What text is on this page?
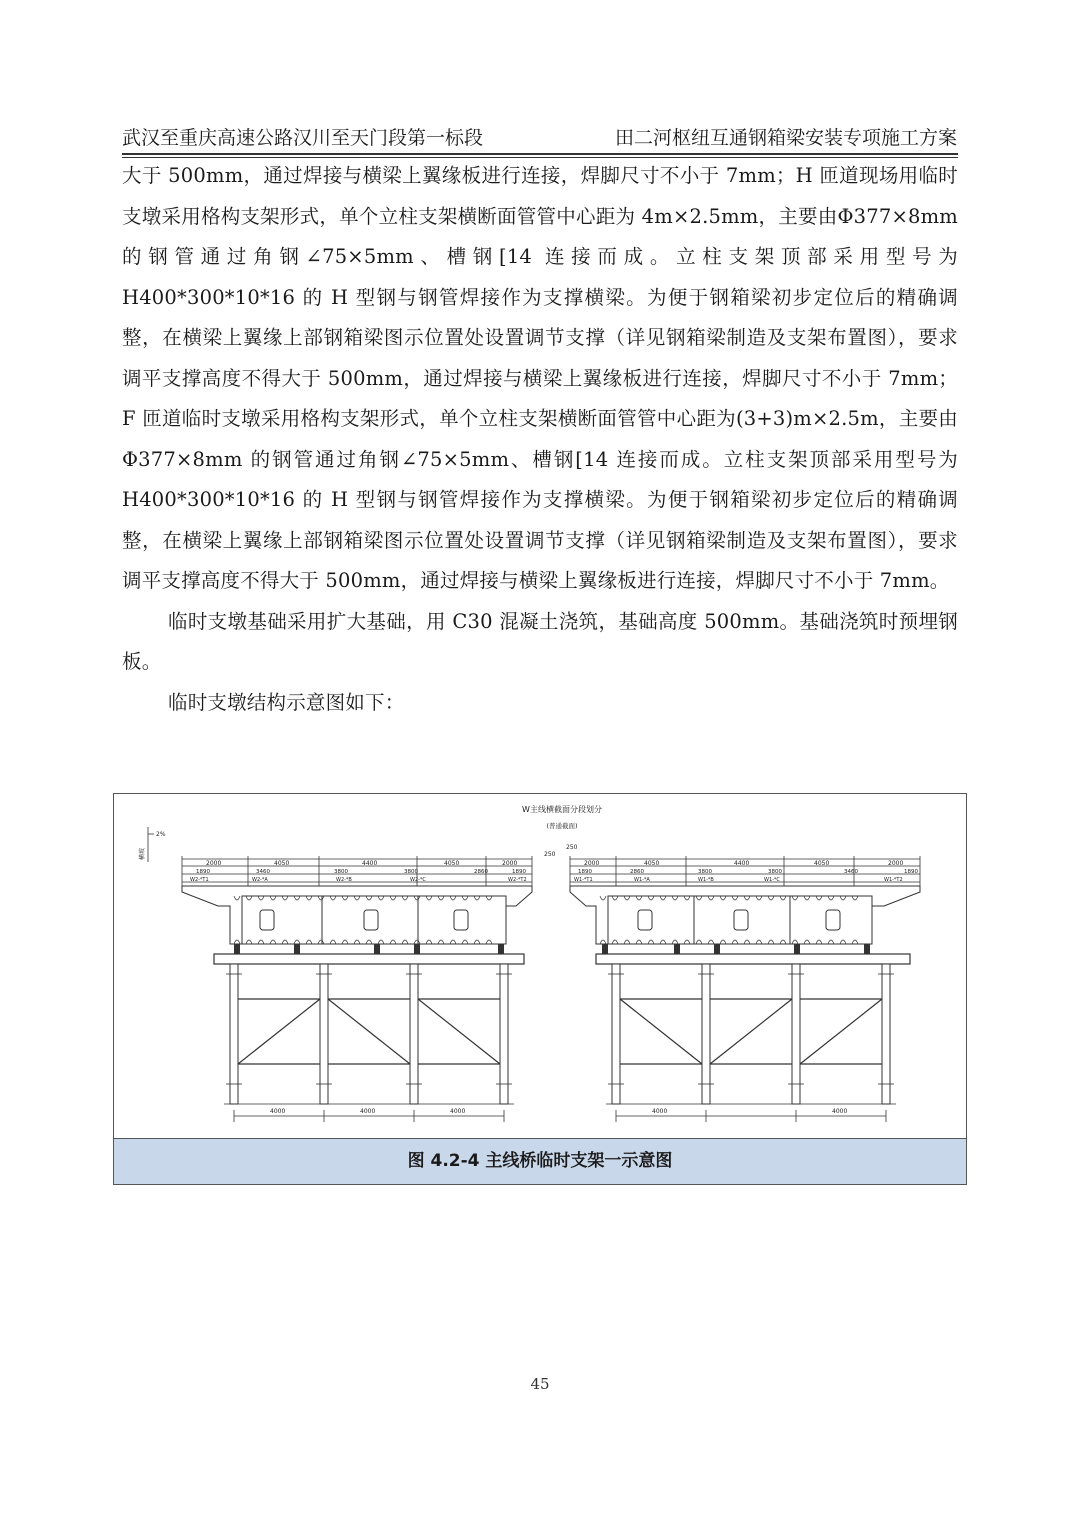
武汉至重庆高速公路汉川至天门段第一标段	田二河枢纽互通钢箱梁安装专项施工方案

大于 500mm，通过焊接与横梁上翼缘板进行连接，焊脚尺寸不小于 7mm；H 匝道现场用临时支墩采用格构支架形式，单个立柱支架横断面管管中心距为 4m×2.5mm，主要由Φ377×8mm 的钢管通过角钢∠75×5mm、槽钢[14 连接而成。立柱支架顶部采用型号为 H400*300*10*16 的 H 型钢与钢管焊接作为支撑横梁。为便于钢箱梁初步定位后的精确调整，在横梁上翼缘上部钢箱梁图示位置处设置调节支撑（详见钢箱梁制造及支架布置图），要求调平支撑高度不得大于 500mm，通过焊接与横梁上翼缘板进行连接，焊脚尺寸不小于 7mm；F 匝道临时支墩采用格构支架形式，单个立柱支架横断面管管中心距为(3+3)m×2.5m，主要由Φ377×8mm 的钢管通过角钢∠75×5mm、槽钢[14 连接而成。立柱支架顶部采用型号为 H400*300*10*16 的 H 型钢与钢管焊接作为支撑横梁。为便于钢箱梁初步定位后的精确调整，在横梁上翼缘上部钢箱梁图示位置处设置调节支撑（详见钢箱梁制造及支架布置图），要求调平支撑高度不得大于 500mm，通过焊接与横梁上翼缘板进行连接，焊脚尺寸不小于 7mm。

临时支墩基础采用扩大基础，用 C30 混凝土浇筑，基础高度 500mm。基础浇筑时预埋钢板。

临时支墩结构示意图如下：

W主线横截面分段划分
(普通截面)
2%
横坡	250
250
2000	4050	4400	4050	2000
1890	3460	3800	3800	2860	1890
W2-*T1	W2-*A	W2-*B	W2-*C	W2-*T2
4000	4000	4000
2000	4050	4400	4050	2000
1890	2860	3800	3800	3460	1890
W1-*T1	W1-*A	W1-*B	W1-*C	W1-*T2
4000	4000
图 4.2-4 主线桥临时支架一示意图
45
